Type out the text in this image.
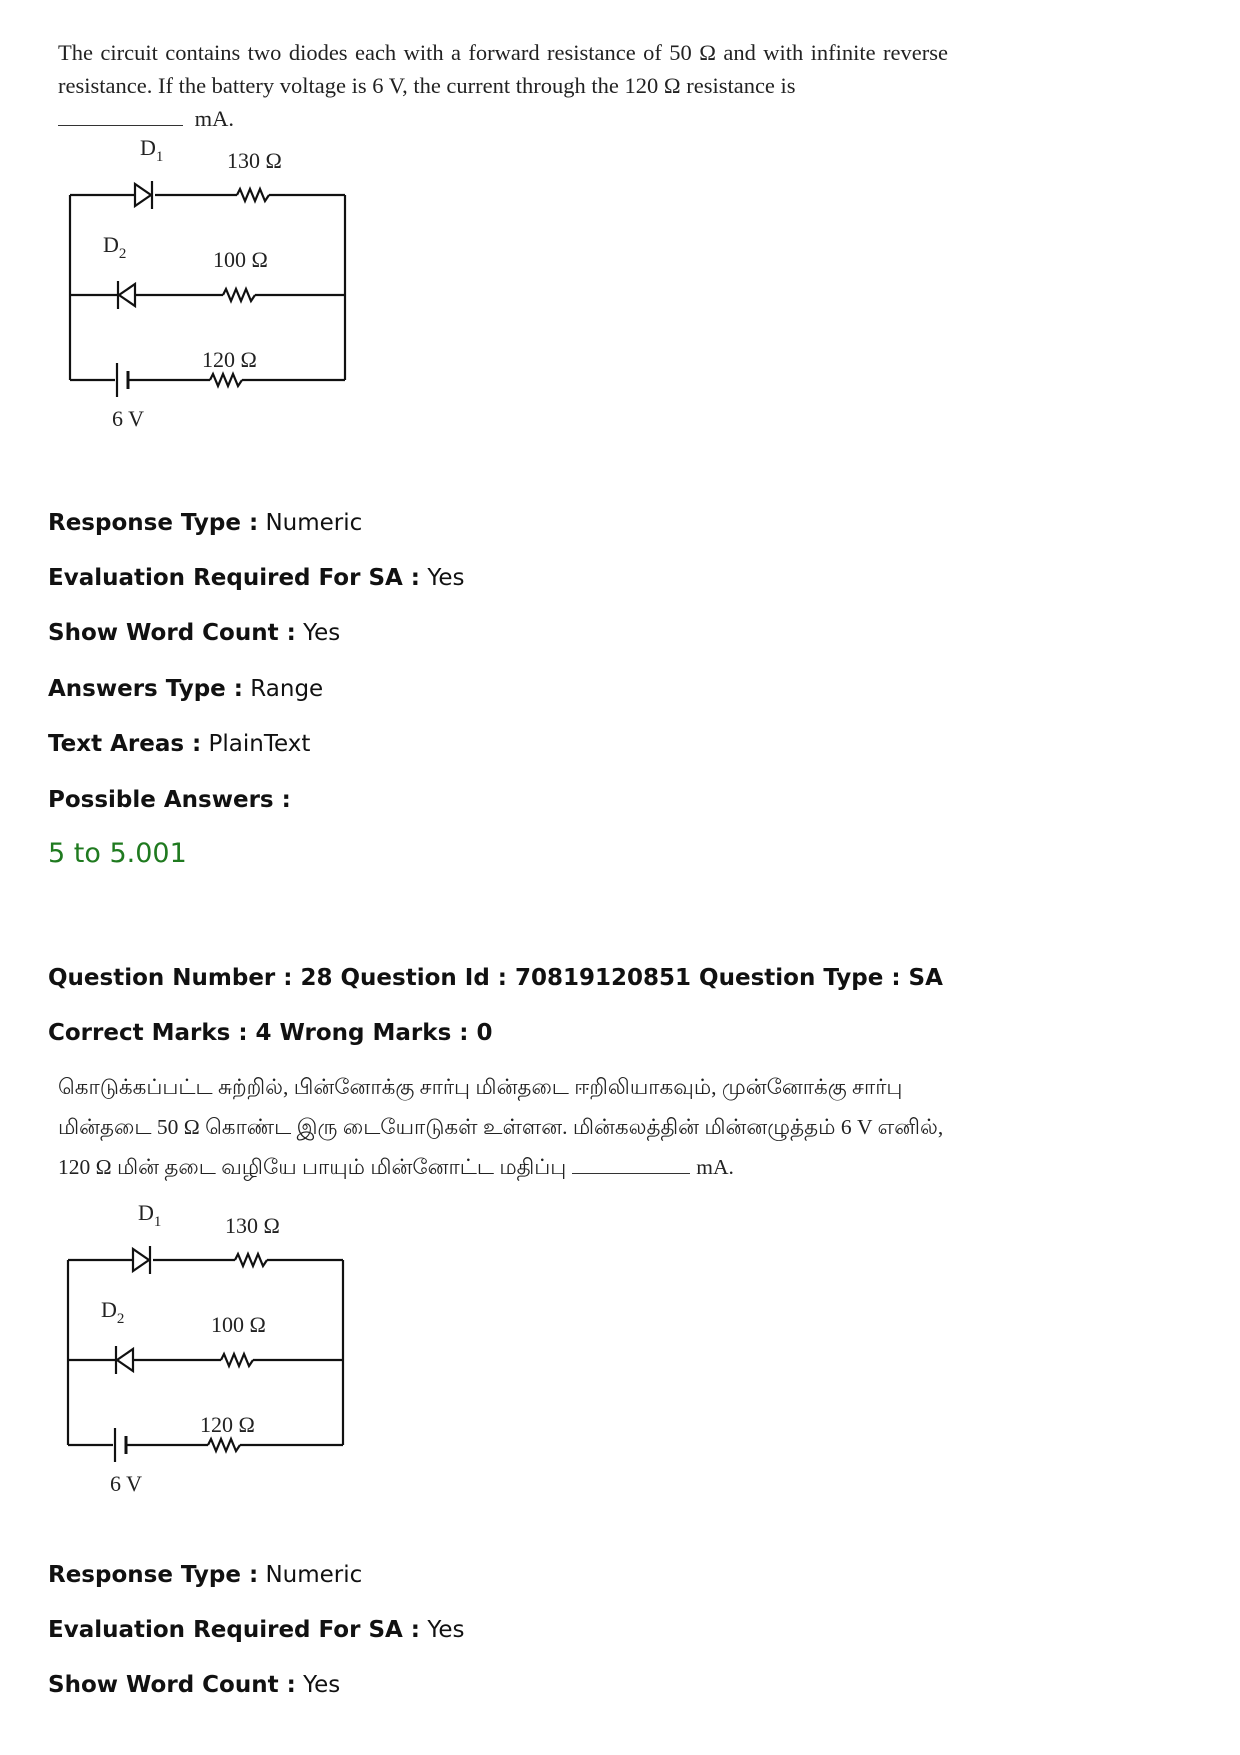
The circuit contains two diodes each with a forward resistance of 50 Ω and with infinite reverse resistance. If the battery voltage is 6 V, the current through the 120 Ω resistance is
mA.
$D_1$	130 Ω
$D_2$	100 Ω
120 Ω
6 V
Response Type : Numeric
Evaluation Required For SA : Yes
Show Word Count : Yes
Answers Type : Range
Text Areas : PlainText
Possible Answers :
5 to 5.001
Question Number : 28 Question Id : 70819120851 Question Type : SA
Correct Marks : 4 Wrong Marks : 0
கொடுக்கப்பட்ட சுற்றில், பின்னோக்கு சார்பு மின்தடை ஈறிலியாகவும், முன்னோக்கு சார்பு மின்தடை 50 Ω கொண்ட இரு டையோடுகள் உள்ளன. மின்கலத்தின் மின்னழுத்தம் 6 V எனில், 120 Ω மின் தடை வழியே பாயும் மின்னோட்ட மதிப்பு	mA.
$D_1$	130 Ω
$D_2$	100 Ω
120 Ω
6 V
Response Type : Numeric
Evaluation Required For SA : Yes
Show Word Count : Yes
